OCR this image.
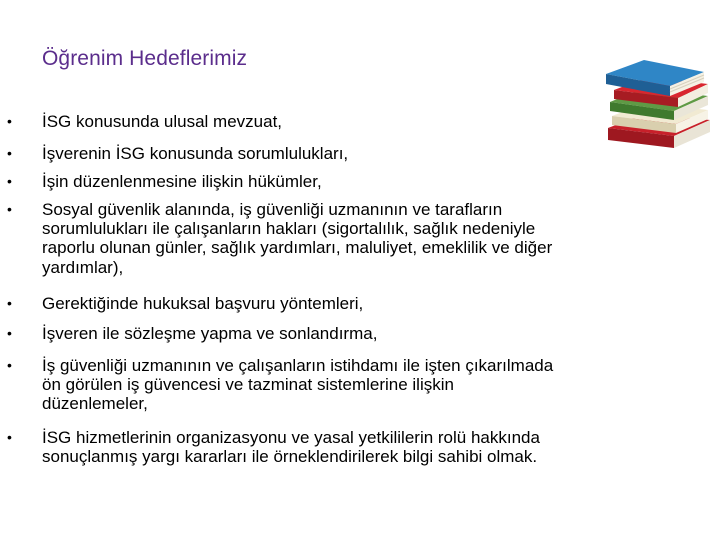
Öğrenim Hedeflerimiz
• İSG konusunda ulusal mevzuat,
• İşverenin İSG konusunda sorumlulukları,
• İşin düzenlenmesine ilişkin hükümler,
• Sosyal güvenlik alanında, iş güvenliği uzmanının ve tarafların
sorumlulukları ile çalışanların hakları (sigortalılık, sağlık nedeniyle
raporlu olunan günler, sağlık yardımları, maluliyet, emeklilik ve diğer
yardımlar),
• Gerektiğinde hukuksal başvuru yöntemleri,
• İşveren ile sözleşme yapma ve sonlandırma,
• İş güvenliği uzmanının ve çalışanların istihdamı ile işten çıkarılmada
ön görülen iş güvencesi ve tazminat sistemlerine ilişkin
düzenlemeler,
• İSG hizmetlerinin organizasyonu ve yasal yetkililerin rolü hakkında
sonuçlanmış yargı kararları ile örneklendirilerek bilgi sahibi olmak.
